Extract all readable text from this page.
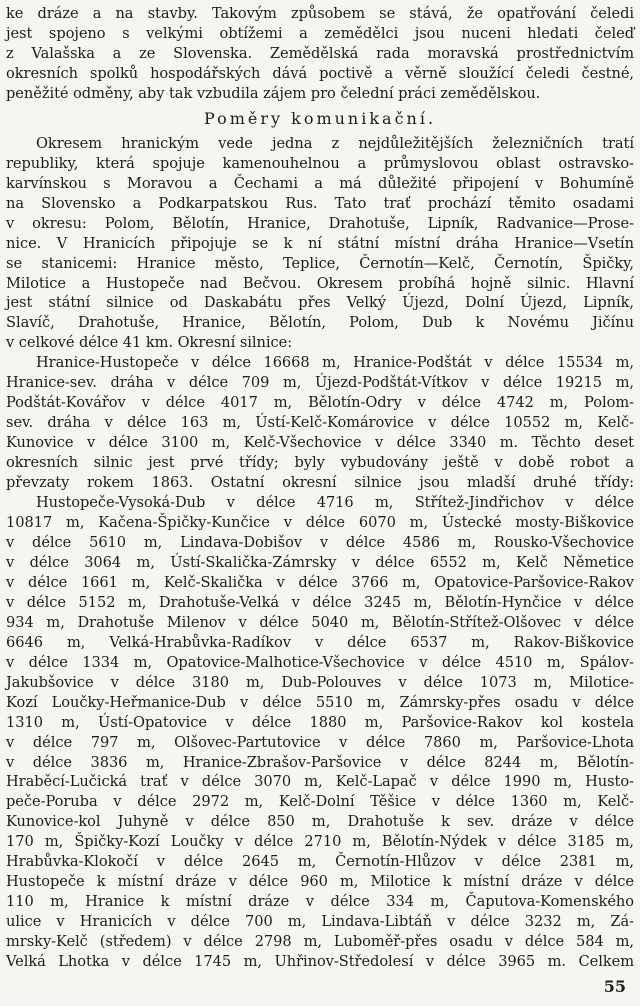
ke dráze a na stavby. Takovým způsobem se stává, že opatřování čeledi
jest spojeno s velkými obtížemi a zemědělci jsou nuceni hledati čeleď
z Valašska a ze Slovenska. Zemědělská rada moravská prostřednictvím
okresních spolků hospodářských dává poctivě a věrně sloužící čeledi čestné,
peněžité odměny, aby tak vzbudila zájem pro čelední práci zemědělskou.
Poměry komunikační.
Okresem hranickým vede jedna z nejdůležitějších železničních tratí
republiky, která spojuje kamenouhelnou a průmyslovou oblast ostravsko-
karvínskou s Moravou a Čechami a má důležité připojení v Bohumíně
na Slovensko a Podkarpatskou Rus. Tato trať prochází těmito osadami
v okresu: Polom, Bělotín, Hranice, Drahotuše, Lipník, Radvanice—Prose-
nice. V Hranicích připojuje se k ní státní místní dráha Hranice—Vsetín
se stanicemi: Hranice město, Teplice, Černotín—Kelč, Černotín, Špičky,
Milotice a Hustopeče nad Bečvou. Okresem probíhá hojně silnic. Hlavní
jest státní silnice od Daskabátu přes Velký Újezd, Dolní Újezd, Lipník,
Slavíč, Drahotuše, Hranice, Bělotín, Polom, Dub k Novému Jičínu
v celkové délce 41 km. Okresní silnice:
Hranice-Hustopeče v délce 16668 m, Hranice-Podštát v délce 15534 m,
Hranice-sev. dráha v délce 709 m, Újezd-Podštát-Vítkov v délce 19215 m,
Podštát-Kovářov v délce 4017 m, Bělotín-Odry v délce 4742 m, Polom-
sev. dráha v délce 163 m, Ústí-Kelč-Komárovice v délce 10552 m, Kelč-
Kunovice v délce 3100 m, Kelč-Všechovice v délce 3340 m. Těchto deset
okresních silnic jest prvé třídy; byly vybudovány ještě v době robot a
převzaty rokem 1863. Ostatní okresní silnice jsou mladší druhé třídy:
Hustopeče-Vysoká-Dub v délce 4716 m, Střítež-Jindřichov v délce
10817 m, Kačena-Špičky-Kunčice v délce 6070 m, Ústecké mosty-Biškovice
v délce 5610 m, Lindava-Dobišov v délce 4586 m, Rousko-Všechovice
v délce 3064 m, Ústí-Skalička-Zámrsky v délce 6552 m, Kelč Němetice
v délce 1661 m, Kelč-Skalička v délce 3766 m, Opatovice-Paršovice-Rakov
v délce 5152 m, Drahotuše-Velká v délce 3245 m, Bělotín-Hynčice v délce
934 m, Drahotuše Milenov v délce 5040 m, Bělotín-Střítež-Olšovec v délce
6646 m, Velká-Hrabůvka-Radíkov v délce 6537 m, Rakov-Biškovice
v délce 1334 m, Opatovice-Malhotice-Všechovice v délce 4510 m, Spálov-
Jakubšovice v délce 3180 m, Dub-Polouves v délce 1073 m, Milotice-
Kozí Loučky-Heřmanice-Dub v délce 5510 m, Zámrsky-přes osadu v délce
1310 m, Ústí-Opatovice v délce 1880 m, Paršovice-Rakov kol kostela
v délce 797 m, Olšovec-Partutovice v délce 7860 m, Paršovice-Lhota
v délce 3836 m, Hranice-Zbrašov-Paršovice v délce 8244 m, Bělotín-
Hraběcí-Lučická trať v délce 3070 m, Kelč-Lapač v délce 1990 m, Husto-
peče-Poruba v délce 2972 m, Kelč-Dolní Těšice v délce 1360 m, Kelč-
Kunovice-kol Juhyně v délce 850 m, Drahotuše k sev. dráze v délce
170 m, Špičky-Kozí Loučky v délce 2710 m, Bělotín-Nýdek v délce 3185 m,
55
Hrabůvka-Klokočí v délce 2645 m, Černotín-Hlůzov v délce 2381 m,
Hustopeče k místní dráze v délce 960 m, Milotice k místní dráze v délce
110 m, Hranice k místní dráze v délce 334 m, Čaputova-Komenského
ulice v Hranicích v délce 700 m, Lindava-Libtáň v délce 3232 m, Zá-
mrsky-Kelč (středem) v délce 2798 m, Luboměř-přes osadu v délce 584 m,
Velká Lhotka v délce 1745 m, Uhřinov-Středolesí v délce 3965 m. Celkem
